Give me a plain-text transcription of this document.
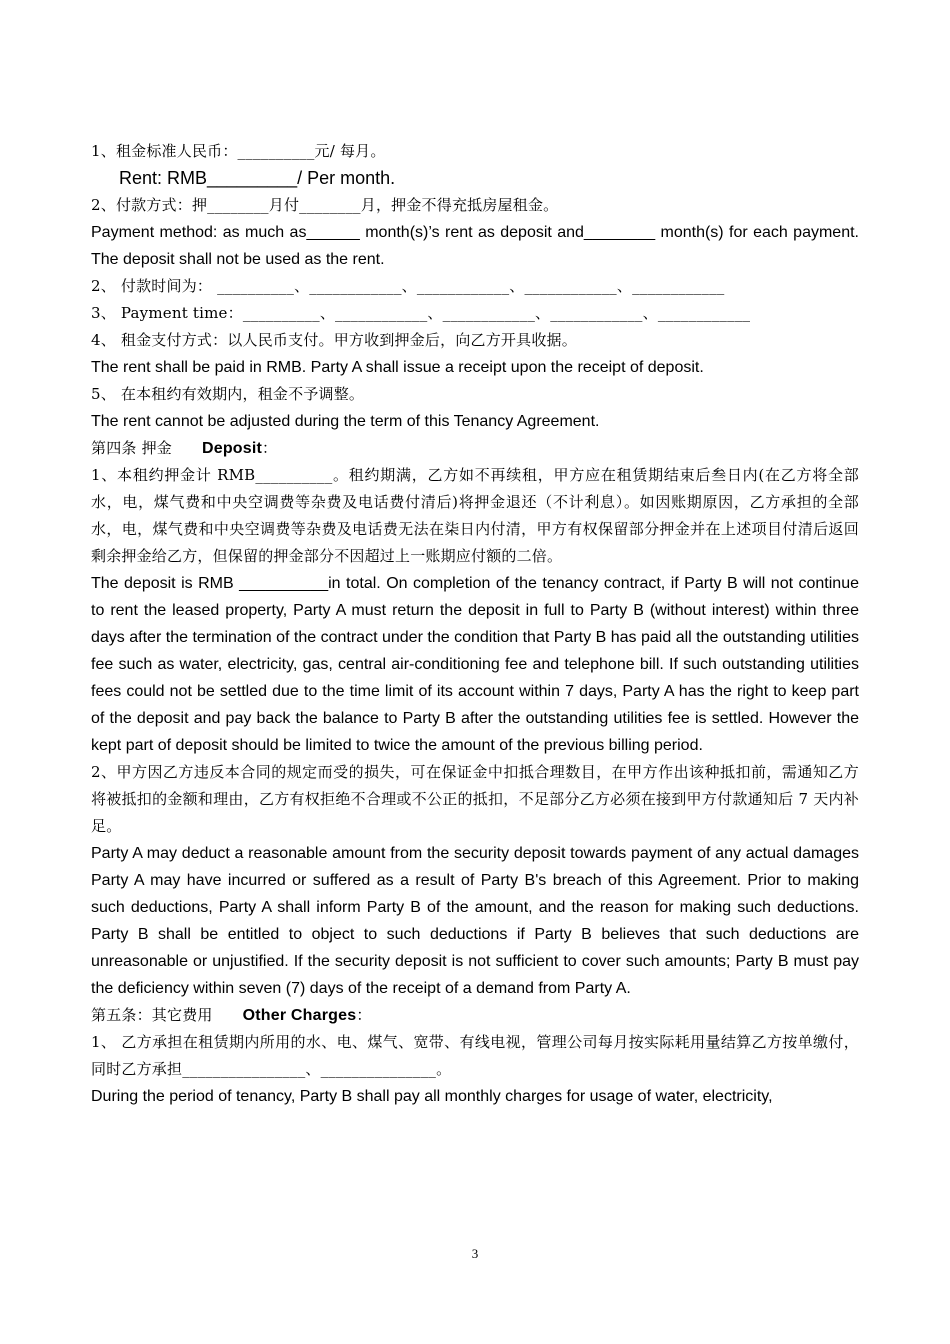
1、租金标准人民币：__________元/ 每月。

Rent: RMB_________/ Per month.

2、付款方式：押________月付________月，押金不得充抵房屋租金。

Payment method: as much as______ month(s)’s rent as deposit and________ month(s) for each payment. The deposit shall not be used as the rent.

2、 付款时间为： __________、____________、____________、____________、____________

3、 Payment time：__________、____________、____________、____________、____________

4、 租金支付方式：以人民币支付。甲方收到押金后，向乙方开具收据。

The rent shall be paid in RMB. Party A shall issue a receipt upon the receipt of deposit.

5、 在本租约有效期内，租金不予调整。

The rent cannot be adjusted during the term of this Tenancy Agreement.

第四条 押金 Deposit：

1、本租约押金计 RMB__________。租约期满，乙方如不再续租，甲方应在租赁期结束后叁日内(在乙方将全部水，电，煤气费和中央空调费等杂费及电话费付清后)将押金退还（不计利息）。如因账期原因，乙方承担的全部水，电，煤气费和中央空调费等杂费及电话费无法在柒日内付清，甲方有权保留部分押金并在上述项目付清后返回剩余押金给乙方，但保留的押金部分不因超过上一账期应付额的二倍。

The deposit is RMB __________in total. On completion of the tenancy contract, if Party B will not continue to rent the leased property, Party A must return the deposit in full to Party B (without interest) within three days after the termination of the contract under the condition that Party B has paid all the outstanding utilities fee such as water, electricity, gas, central air-conditioning fee and telephone bill. If such outstanding utilities fees could not be settled due to the time limit of its account within 7 days, Party A has the right to keep part of the deposit and pay back the balance to Party B after the outstanding utilities fee is settled. However the kept part of deposit should be limited to twice the amount of the previous billing period.

2、甲方因乙方违反本合同的规定而受的损失，可在保证金中扣抵合理数目，在甲方作出该种抵扣前，需通知乙方将被抵扣的金额和理由，乙方有权拒绝不合理或不公正的抵扣，不足部分乙方必须在接到甲方付款通知后 7 天内补足。

Party A may deduct a reasonable amount from the security deposit towards payment of any actual damages Party A may have incurred or suffered as a result of Party B's breach of this Agreement. Prior to making such deductions, Party A shall inform Party B of the amount, and the reason for making such deductions. Party B shall be entitled to object to such deductions if Party B believes that such deductions are unreasonable or unjustified. If the security deposit is not sufficient to cover such amounts; Party B must pay the deficiency within seven (7) days of the receipt of a demand from Party A.

第五条：其它费用 Other Charges：

1、 乙方承担在租赁期内所用的水、电、煤气、宽带、有线电视，管理公司每月按实际耗用量结算乙方按单缴付，同时乙方承担________________、_______________。

During the period of tenancy, Party B shall pay all monthly charges for usage of water, electricity,

3
